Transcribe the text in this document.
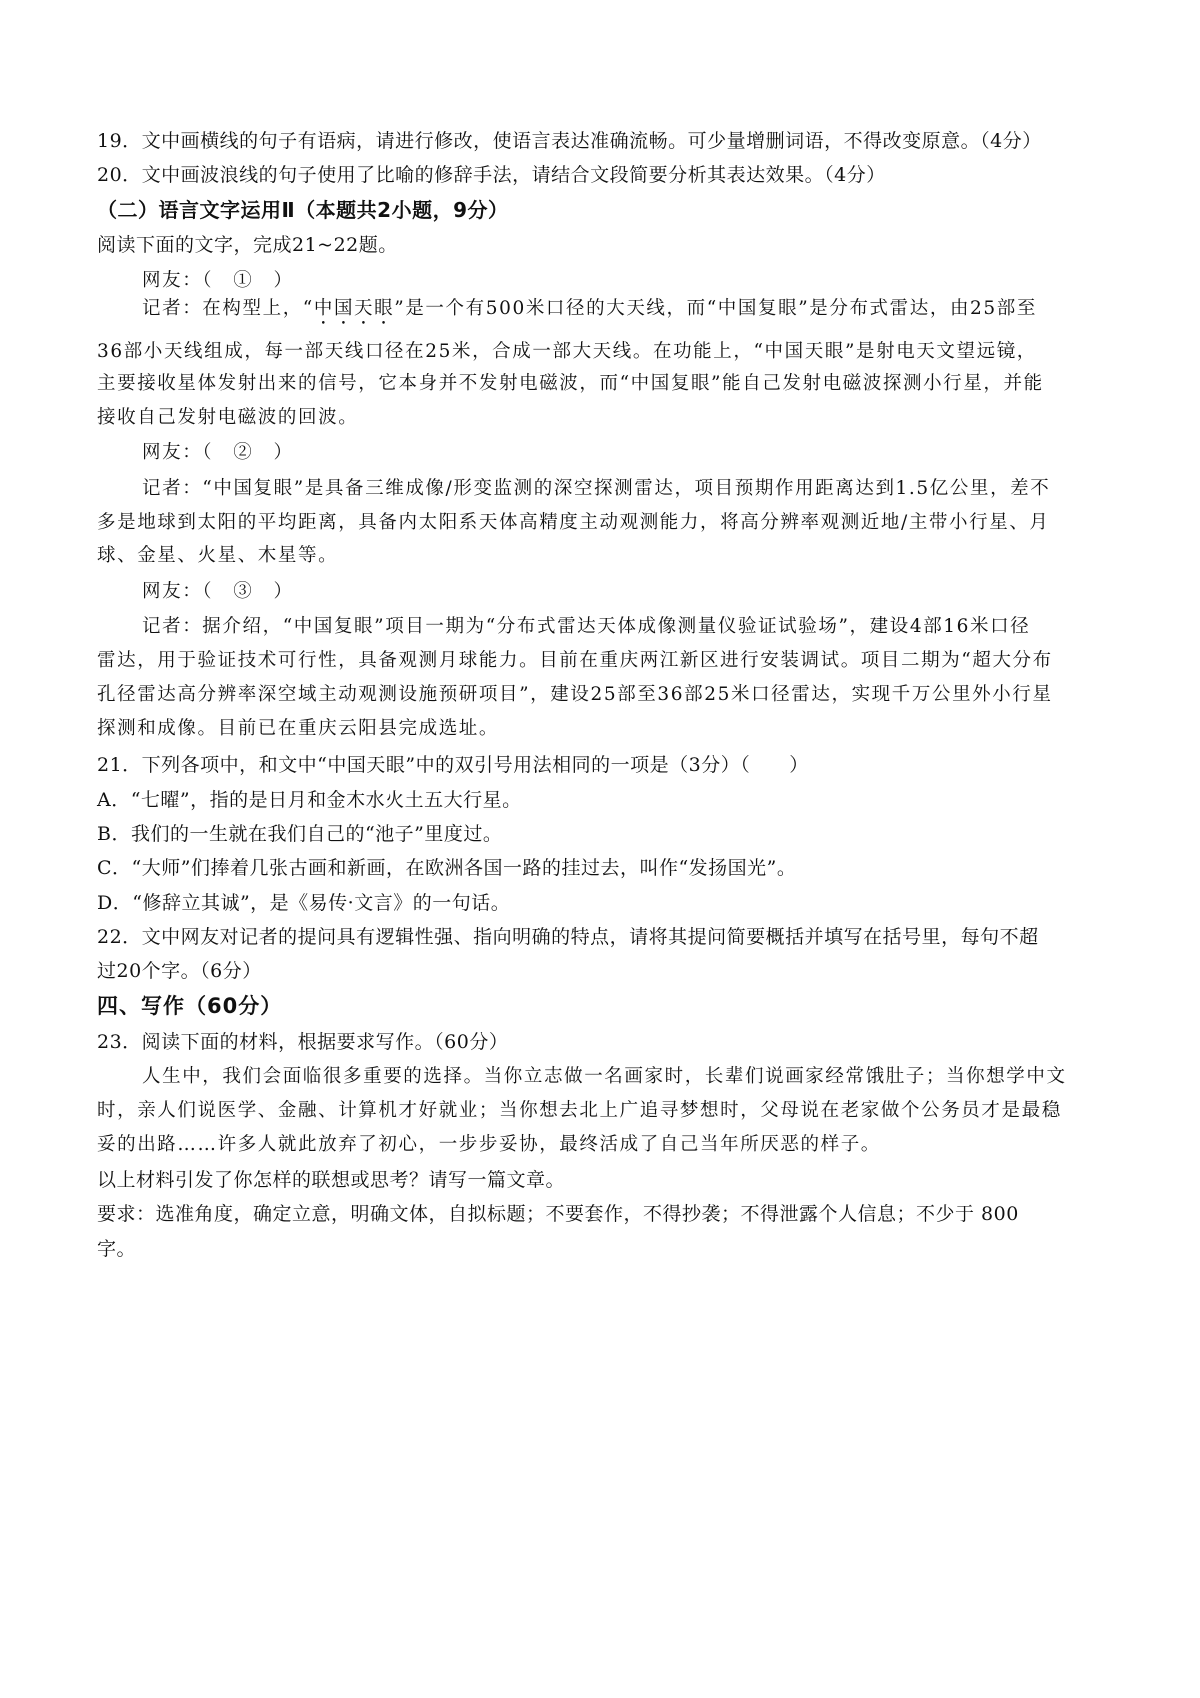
19．文中画横线的句子有语病，请进行修改，使语言表达准确流畅。可少量增删词语，不得改变原意。（4分）
20．文中画波浪线的句子使用了比喻的修辞手法，请结合文段简要分析其表达效果。（4分）
（二）语言文字运用Ⅱ（本题共2小题，9分）
阅读下面的文字，完成21~22题。
网友：（　①　）
记者：在构型上，“中国天眼”是一个有500米口径的大天线，而“中国复眼”是分布式雷达，由25部至
36部小天线组成，每一部天线口径在25米，合成一部大天线。在功能上，“中国天眼”是射电天文望远镜，
主要接收星体发射出来的信号，它本身并不发射电磁波，而“中国复眼”能自己发射电磁波探测小行星，并能
接收自己发射电磁波的回波。
网友：（　②　）
记者：“中国复眼”是具备三维成像/形变监测的深空探测雷达，项目预期作用距离达到1.5亿公里，差不
多是地球到太阳的平均距离，具备内太阳系天体高精度主动观测能力，将高分辨率观测近地/主带小行星、月
球、金星、火星、木星等。
网友：（　③　）
记者：据介绍，“中国复眼”项目一期为“分布式雷达天体成像测量仪验证试验场”，建设4部16米口径
雷达，用于验证技术可行性，具备观测月球能力。目前在重庆两江新区进行安装调试。项目二期为“超大分布
孔径雷达高分辨率深空域主动观测设施预研项目”，建设25部至36部25米口径雷达，实现千万公里外小行星
探测和成像。目前已在重庆云阳县完成选址。
21．下列各项中，和文中“中国天眼”中的双引号用法相同的一项是（3分）（　　）
A．“七曜”，指的是日月和金木水火土五大行星。
B．我们的一生就在我们自己的“池子”里度过。
C．“大师”们捧着几张古画和新画，在欧洲各国一路的挂过去，叫作“发扬国光”。
D．“修辞立其诚”，是《易传·文言》的一句话。
22．文中网友对记者的提问具有逻辑性强、指向明确的特点，请将其提问简要概括并填写在括号里，每句不超
过20个字。（6分）
四、写作（60分）
23．阅读下面的材料，根据要求写作。（60分）
人生中，我们会面临很多重要的选择。当你立志做一名画家时，长辈们说画家经常饿肚子；当你想学中文
时，亲人们说医学、金融、计算机才好就业；当你想去北上广追寻梦想时，父母说在老家做个公务员才是最稳
妥的出路……许多人就此放弃了初心，一步步妥协，最终活成了自己当年所厌恶的样子。
以上材料引发了你怎样的联想或思考？请写一篇文章。
要求：选准角度，确定立意，明确文体，自拟标题；不要套作，不得抄袭；不得泄露个人信息；不少于 800
字。
